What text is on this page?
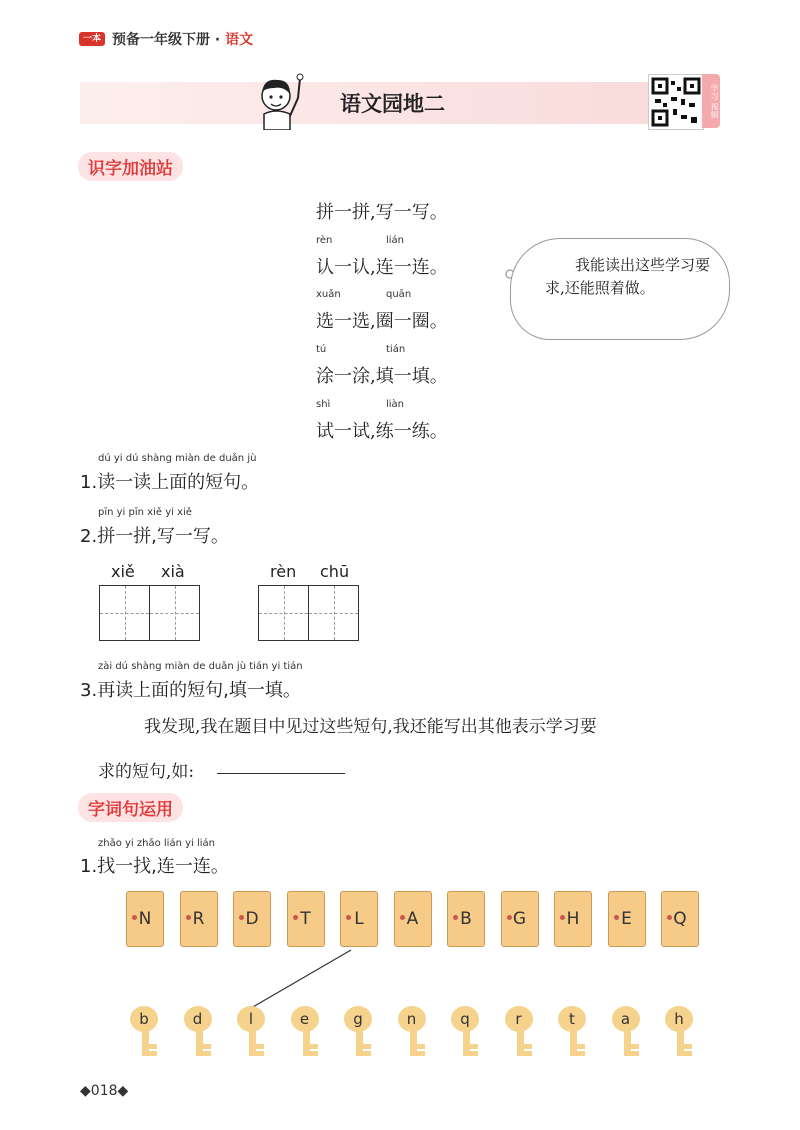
一本 预备一年级下册 · 语文
语文园地二	学习 视频
识字加油站
拼一拼,写一写。
认一认,连一连。
rèn	lián
选一选,圈一圈。
xuǎn	quān
涂一涂,填一填。
tú	tián
试一试,练一练。
shì	liàn
我能读出这些学习要求,还能照着做。
dú yi dú shàng miàn de duǎn jù
1.读一读上面的短句。
pīn yi pīn xiě yi xiě
2.拼一拼,写一写。
zài dú shàng miàn de duǎn jù tián yi tián
3.再读上面的短句,填一填。
xiě xià	rèn chū
我发现,我在题目中见过这些短句,我还能写出其他表示学习要
求的短句,如:
字词句运用
zhǎo yi zhǎo lián yi lián
1.找一找,连一连。
N	R	D	T	L	A	B	G	H	E	Q
b	d	l	e	g	n	q	r	t	a	h
◆018◆
